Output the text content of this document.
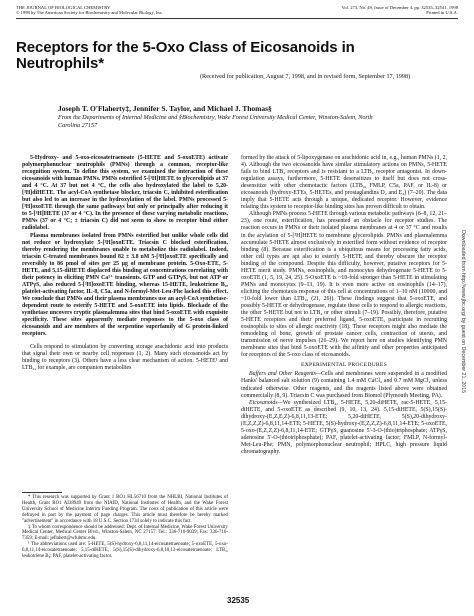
THE JOURNAL OF BIOLOGICAL CHEMISTRY
© 1998 by The American Society for Biochemistry and Molecular Biology, Inc.
Vol. 273, No. 49, Issue of December 4, pp. 32535–32541, 1998
Printed in U.S.A.
Receptors for the 5-Oxo Class of Eicosanoids in Neutrophils*
(Received for publication, August 7, 1998, and in revised form, September 17, 1998)
Joseph T. O'Flaherty‡, Jennifer S. Taylor, and Michael J. Thomas§
From the Departments of Internal Medicine and §Biochemistry, Wake Forest University Medical Center, Winston-Salem, North Carolina 27157

5-Hydroxy- and 5-oxo-eicosatetraenoate (5-HETE and 5-oxoETE) activate polymorphonuclear neutrophils (PMNs) through a common, receptor-like recognition system. To define this system, we examined the interaction of these eicosanoids with human PMNs. PMNs esterified 5-[³H]HETE to glycerolipids at 37 and 4 °C. At 37 but not 4 °C, the cells also hydroxylated the label to 5,20-[³H]diHETE. The acyl-CoA synthetase blocker, triacsin C, inhibited esterification but also led to an increase in the hydroxylation of the label. PMNs processed 5-[³H]oxoETE through the same pathways but only or principally after reducing it to 5-[³H]HETE (37 or 4 °C). In the presence of these varying metabolic reactions, PMNs (37 or 4 °C; ± triacsin C) did not seem to show to receptor bind either radiolabel.

Plasma membranes isolated from PMNs esterified but unlike whole cells did not reduce or hydroxylate 5-[³H]oxoETE. Triacsin C blocked esterification, thereby rendering the membranes unable to metabolize this radiolabel. Indeed, triacsin C-treated membranes bound 82 ± 3.8 nM 5-[³H]oxoETE specifically and reversibly to 86 pmol of sites per 25 μg of membrane protein. 5-Oxo-ETE, 5-HETE, and 5,15-diHETE displaced this binding at concentrations correlating with their potency in eliciting PMN Ca²⁺ transients. GTP and GTPγS, but not ATP or ATPγS, also reduced 5-[³H]oxoETE binding, whereas 15-HETE, leukotriene B₄, platelet-activating factor, IL-8, C5a, and N-formyl-Met-Leu-Phe lacked this effect. We conclude that PMNs and their plasma membranes use an acyl-CoA synthetase-dependent route to esterify 5-HETE and 5-oxoETE into lipids. Blockade of the synthetase uncovers cryptic plasmalemma sites that bind 5-oxoETE with exquisite specificity. These sites apparently mediate responses to the 5-oxo class of eicosanoids and are members of the serpentine superfamily of G protein-linked receptors.

Cells respond to stimulation by converting storage arachidonic acid into products that signal their own or nearby cell responses (1, 2). Many such eicosanoids act by binding to receptors (3). Others have a less clear mechanism of action. 5-HETE¹ and LTB₄, for example, are companion metabolites

* This research was supported by Grant 1 RO1 HL56710 from the NHLBI, National Institutes of Health, Grant RO1 AI38949 from the NIAID, National Institutes of Health, and the Wake Forest University School of Medicine Interim Funding Program. The costs of publication of this article were defrayed in part by the payment of page charges. This article must therefore be hereby marked "advertisement" in accordance with 18 U.S.C. Section 1734 solely to indicate this fact.

‡ To whom correspondence should be addressed: Dept. of Internal Medicine, Wake Forest University Medical Center, Medical Center Blvd., Winston-Salem, NC 27157. Tel.: 336-716-9039; Fax: 336-716-7359; E-mail: jeflahert@wfubmc.edu.

¹ The abbreviations used are: 5-HETE, 5(S)-hydroxy-6,8,11,14-eicosatetraenoate; 5-oxoETE, 5-oxo-6,8,11,14-eicosatetraenoate; 5,15-diHETE, 5(S),15(S)-dihydroxy-6,8,10,13-eicosatetraenoate; LTB₄, leukotriene B₄; PAF, platelet-activating factor.

formed by the attack of 5-lipoxygenase on arachidonic acid in, e.g., human PMNs (1, 2, 4). Although the two eicosanoids have similar stimulatory actions on PMNs, 5-HETE fails to bind LTB₄ receptors and is resistant to a LTB₄ receptor antagonist. In down-regulation assays, furthermore, 5-HETE desensitizes to itself but does not cross-desensitize with other chemotactic factors (LTB₄, FMLP, C5a, PAF, or IL-8) or eicosanoids (hydroxy-ETEs, 5-HETEs, and prostaglandins D₂ and E₂) (7–20). The data imply that 5-HETE acts through a unique, dedicated receptor. However, evidence relating this system to receptor-like binding sites has proven difficult to obtain.

Although PMNs process 5-HETE through various metabolic pathways (6–8, 12, 21–23), one route, esterification, has presented an obstacle for receptor studies. The reaction occurs in PMNs or their isolated plasma membranes at 4 or 37 °C and results in the acylation of 5-[³H]HETE to membrane glycerolipids. PMNs and plasmalemma accumulate 5-HETE almost exclusively in esterified form without evidence of receptor binding (8). Because esterification is a ubiquitous means for processing fatty acids, other cell types are apt also to esterify 5-HETE and thereby obscure the receptor binding of the compound. Despite this difficulty, however, putative receptors for 5-HETE merit study. PMNs, eosinophils, and monocytes dehydrogenate 5-HETE to 5-oxoETE (1, 5, 19, 24, 25). 5-OxoETE is ~10-fold stronger than 5-HETE in stimulating PMNs and monocytes (9–13, 19). It is even more active on eosinophils (14–17), eliciting the chemotaxis response of this cell at concentrations of 1–10 nM (10000, and ~10-fold lower than LTB₄, (21, 26)). These findings suggest that 5-oxoETE, and possibly 5-HETE or dehydrogenase, regulate these cells to respond to allergic reactions, the other 5-HETE but not to LTB₄ or other stimuli (7–19). Possibly, therefore, putative 5-HETE receptors and their preferred ligand, 5-oxoETE, participate in recruiting eosinophils to sites of allergic reactivity (18). These receptors might also mediate the remodeling of bone, growth of prostate cancer cells, contraction of uterus, and transmission of nerve impulses (26–29). We report here on studies identifying PMN membrane sites that bind 5-oxoETE with the affinity and other properties anticipated for receptors of the 5-oxo class of eicosanoids.

EXPERIMENTAL PROCEDURES

Buffers and Other Reagents—Cells and membranes were suspended in a modified Hanks' balanced salt solution (9) containing 1.4 mM CaCl₂ and 0.7 mM MgCl₂ unless indicated otherwise. Other reagents, and the reagents listed above were obtained commercially (8, 9). Triacsin C was purchased from Biomol (Plymouth Meeting, PA).

Eicosanoids—We synthesized LTB₄, 5-HETE, 5,20-diHETE, rac-5-HETE, 5,15-diHETE, and 5-oxoETE as described (9, 10, 13, 24). 5,15-diHETE, 5(S),15(S)-dihydroxy-(E,Z,E,Z)-6,8,11,13-ETE; 5,20-diHETE, 5(S),20-dihydroxy-(E,Z,Z,Z)-6,8,11,14-ETE; 5-HETE, 5(S)-hydroxy-(E,Z,Z,Z)-6,8,11,14-ETE; 5-oxoETE, 5-oxo-(E,Z,Z,Z)-6,8,11,14-ETE; GTPγS, guanosine 5'-3-O-(thio)triphosphate; ATPγS, adenosine 5'-O-(thiotriphosphate); PAF, platelet-activating factor; FMLP, N-formyl-Met-Leu-Phe; PMN, polymorphonuclear neutrophil; HPLC, high pressure liquid chromatography.

32535
Downloaded from http://www.jbc.org/ by guest on December 21, 2015
